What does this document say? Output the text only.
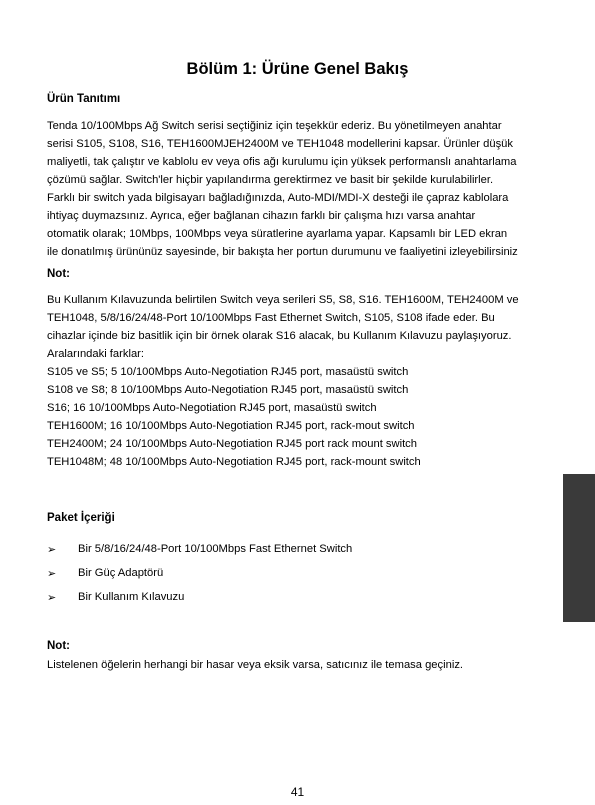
Bölüm 1: Ürüne Genel Bakış
Ürün Tanıtımı
Tenda 10/100Mbps Ağ Switch serisi seçtiğiniz için teşekkür ederiz. Bu yönetilmeyen anahtar
serisi S105, S108, S16, TEH1600MJEH2400M ve TEH1048 modellerini kapsar. Ürünler düşük
maliyetli, tak çalıştır ve kablolu ev veya ofis ağı kurulumu için yüksek performanslı anahtarlama
çözümü sağlar. Switch'ler hiçbir yapılandırma gerektirmez ve basit bir şekilde kurulabilirler.
Farklı bir switch yada bilgisayarı bağladığınızda, Auto-MDI/MDI-X desteği ile çapraz kablolara
ihtiyaç duymazsınız. Ayrıca, eğer bağlanan cihazın farklı bir çalışma hızı varsa anahtar
otomatik olarak; 10Mbps, 100Mbps veya süratlerine ayarlama yapar. Kapsamlı bir LED ekran
ile donatılmış ürününüz sayesinde, bir bakışta her portun durumunu ve faaliyetini izleyebilirsiniz
Not:
Bu Kullanım Kılavuzunda belirtilen Switch veya serileri S5, S8, S16. TEH1600M, TEH2400M ve
TEH1048, 5/8/16/24/48-Port 10/100Mbps Fast Ethernet Switch, S105, S108 ifade eder. Bu
cihazlar içinde biz basitlik için bir örnek olarak S16 alacak, bu Kullanım Kılavuzu paylaşıyoruz.
Aralarındaki farklar:
S105 ve S5; 5 10/100Mbps Auto-Negotiation RJ45 port, masaüstü switch
S108 ve S8; 8 10/100Mbps Auto-Negotiation RJ45 port, masaüstü switch
S16; 16 10/100Mbps Auto-Negotiation RJ45 port, masaüstü switch
TEH1600M; 16 10/100Mbps Auto-Negotiation RJ45 port, rack-mout switch
TEH2400M; 24 10/100Mbps Auto-Negotiation RJ45 port rack mount switch
TEH1048M; 48 10/100Mbps Auto-Negotiation RJ45 port, rack-mount switch
Paket İçeriği
➢ Bir 5/8/16/24/48-Port 10/100Mbps Fast Ethernet Switch
➢ Bir Güç Adaptörü
➢ Bir Kullanım Kılavuzu
Not:
Listelenen öğelerin herhangi bir hasar veya eksik varsa, satıcınız ile temasa geçiniz.
41
